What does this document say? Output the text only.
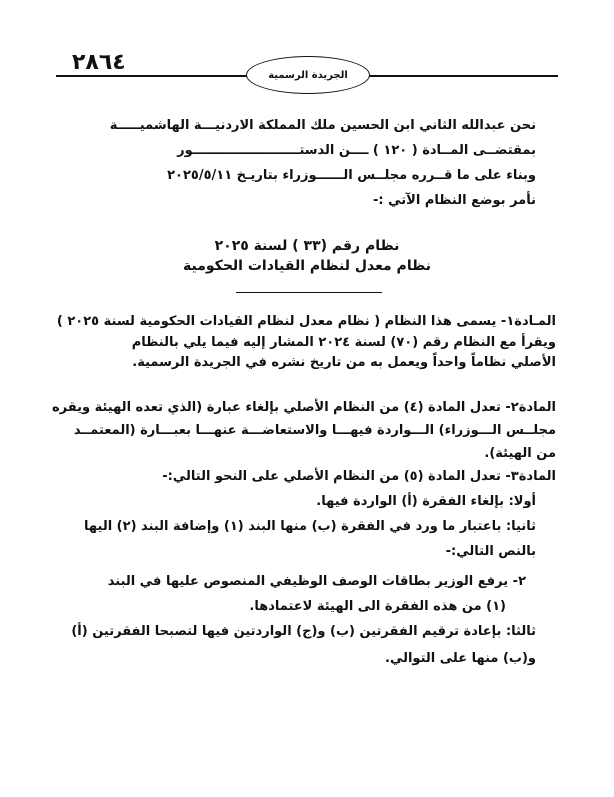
٢٨٦٤	الجريدة الرسمية
نحن عبدالله الثاني ابن الحسين ملك المملكة الاردنيـــة الهاشميـــــة
بمقتضــى المــادة ( ١٢٠ ) ــــن الدستــــــــــــــــــــــــور
وبناء على ما قــرره مجلــس الــــــوزراء بتاريـخ ٢٠٢٥/٥/١١
نأمر بوضع النظام الآتي :-
نظام رقم (٣٣ ) لسنة ٢٠٢٥
نظام معدل لنظام القيادات الحكومية
المـادة١- يسمى هذا النظام ( نظام معدل لنظام القيادات الحكومية لسنة ٢٠٢٥ )
ويقرأ مع النظام رقم (٧٠) لسنة ٢٠٢٤ المشار إليه فيما يلي بالنظام
الأصلي نظاماً واحداً ويعمل به من تاريخ نشره في الجريدة الرسمية.
المادة٢- تعدل المادة (٤) من النظام الأصلي بإلغاء عبارة (الذي تعده الهيئة ويقره
مجلــس الـــوزراء) الـــواردة فيهـــا والاستعاضـــة عنهـــا بعبـــارة (المعتمــد
من الهيئة).
المادة٣- تعدل المادة (٥) من النظام الأصلي على النحو التالي:-
أولا: بإلغاء الفقرة (أ) الواردة فيها.
ثانيا: باعتبار ما ورد في الفقرة (ب) منها البند (١) وإضافة البند (٢) اليها
بالنص التالي:-
٢- يرفع الوزير بطاقات الوصف الوظيفي المنصوص عليها في البند
(١) من هذه الفقرة الى الهيئة لاعتمادها.
ثالثا: بإعادة ترقيم الفقرتين (ب) و(ج) الواردتين فيها لتصبحا الفقرتين (أ)
و(ب) منها على التوالي.
